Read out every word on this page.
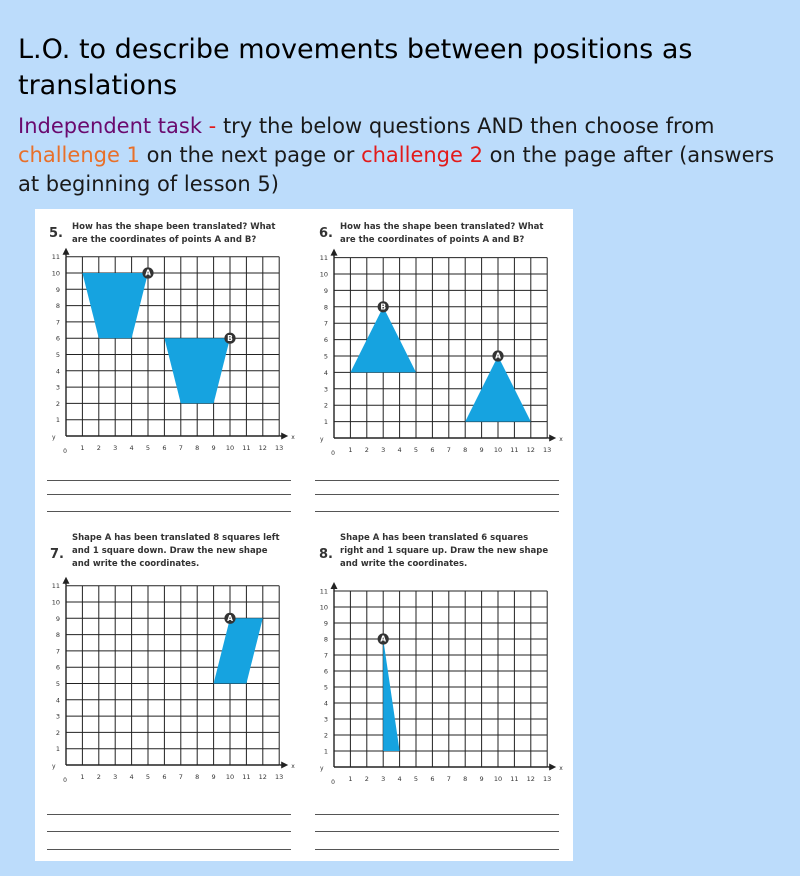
L.O. to describe movements between positions as translations
Independent task - try the below questions AND then choose from
challenge 1 on the next page or challenge 2 on the page after (answers
at beginning of lesson 5)
5. How has the shape been translated? What
are the coordinates of points A and B?
1 2 3 4 5 6 7 8 9 10 11 12 13
1
2
3
4
5
6
7
8
9
10
11
x
y
0
A
B
6. How has the shape been translated? What
are the coordinates of points A and B?
1 2 3 4 5 6 7 8 9 10 11 12 13
1
2
3
4
5
6
7
8
9
10
11
x
y
0
B
A
7.
Shape A has been translated 8 squares left
and 1 square down. Draw the new shape
and write the coordinates.
1 2 3 4 5 6 7 8 9 10 11 12 13
1
2
3
4
5
6
7
8
9
10
11
x
y
0
A
8.
Shape A has been translated 6 squares
right and 1 square up. Draw the new shape
and write the coordinates.
1 2 3 4 5 6 7 8 9 10 11 12 13
1
2
3
4
5
6
7
8
9
10
11
x
y
0
A
